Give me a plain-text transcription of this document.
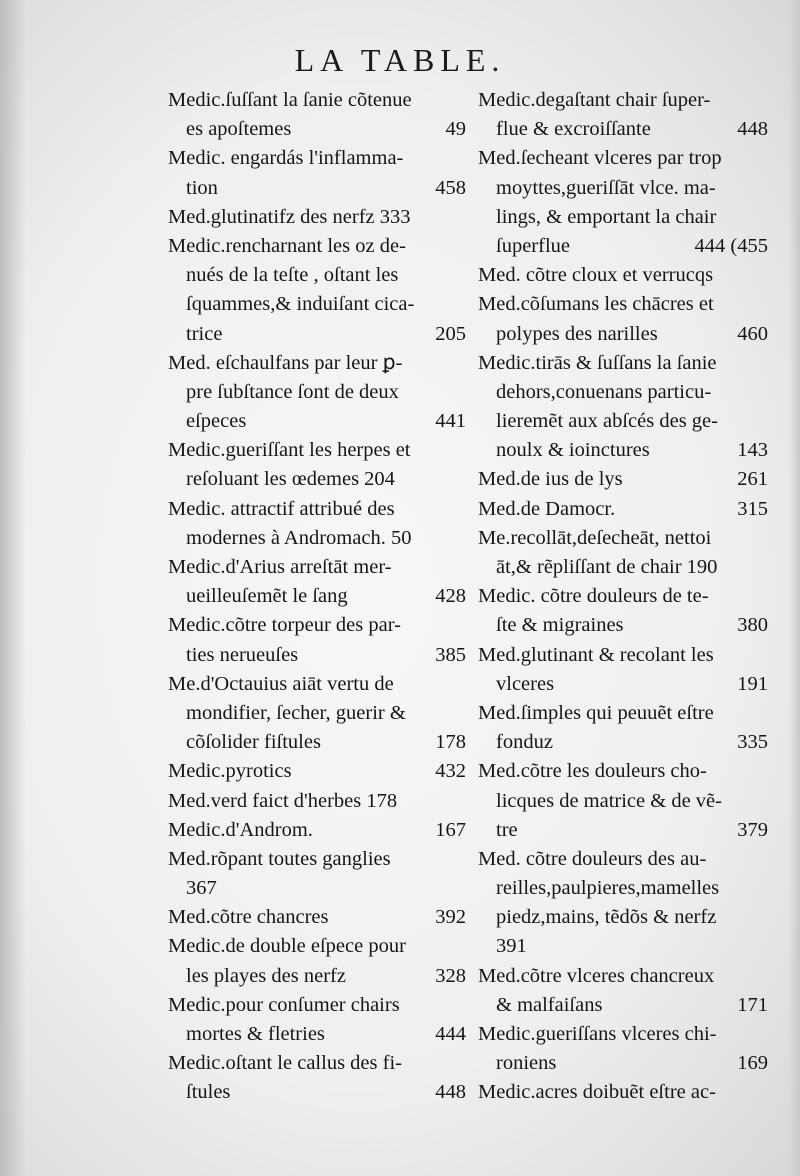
LA TABLE.
Medic.ſuſſant la ſanie cõtenue
es apoſtemes	49
Medic. engardás l'inflamma-
tion	458
Med.glutinatifz des nerfz 333
Medic.rencharnant les oz de-
nués de la teſte , oſtant les
ſquammes,& induiſant cica-
trice	205
Med. eſchaulfans par leur ꝑ-
pre ſubſtance ſont de deux
eſpeces	441
Medic.gueriſſant les herpes et
reſoluant les œdemes 204
Medic. attractif attribué des
modernes à Andromach. 50
Medic.d'Arius arreſtāt mer-
ueilleuſemẽt le ſang	428
Medic.cõtre torpeur des par-
ties nerueuſes	385
Me.d'Octauius aiāt vertu de
mondifier, ſecher, guerir &
cõſolider fiſtules	178
Medic.pyrotics	432
Med.verd faict d'herbes 178
Medic.d'Androm.	167
Med.rõpant toutes ganglies
367
Med.cõtre chancres	392
Medic.de double eſpece pour
les playes des nerfz	328
Medic.pour conſumer chairs
mortes & fletries	444
Medic.oſtant le callus des fi-
ſtules	448
Medic.degaſtant chair ſuper-
flue & excroiſſante	448
Med.ſecheant vlceres par trop
moyttes,gueriſſāt vlce. ma-
lings, & emportant la chair
ſuperflue	444 (455
Med. cõtre cloux et verrucqs
Med.cõſumans les chācres et
polypes des narilles	460
Medic.tirās & ſuſſans la ſanie
dehors,conuenans particu-
lieremẽt aux abſcés des ge-
noulx & ioinctures	143
Med.de ius de lys	261
Med.de Damocr.	315
Me.recollāt,deſecheāt, nettoi
āt,& rẽpliſſant de chair 190
Medic. cõtre douleurs de te-
ſte & migraines	380
Med.glutinant & recolant les
vlceres	191
Med.ſimples qui peuuẽt eſtre
fonduz	335
Med.cõtre les douleurs cho-
licques de matrice & de vẽ-
tre	379
Med. cõtre douleurs des au-
reilles,paulpieres,mamelles
piedz,mains, tẽdõs & nerfz
391
Med.cõtre vlceres chancreux
& malfaiſans	171
Medic.gueriſſans vlceres chi-
roniens	169
Medic.acres doibuẽt eſtre ac-
